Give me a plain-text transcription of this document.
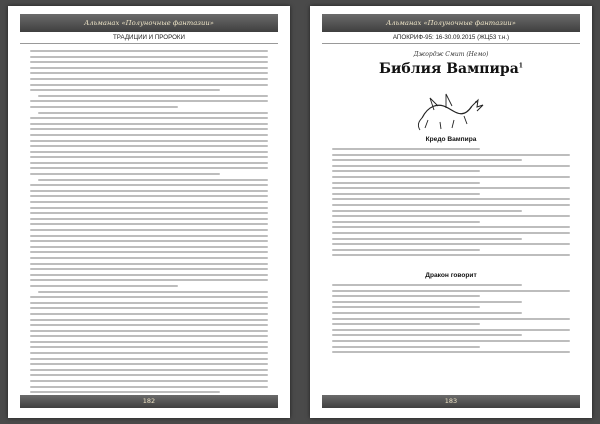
Альманах «Полуночные фантазии»
ТРАДИЦИИ И ПРОРОКИ
182
Альманах «Полуночные фантазии»
АПОКРИФ-95: 16-30.09.2015 (ЖЦ53 т.н.)
Джордж Смит (Немо)
Библия Вампира$^1$
Кредо Вампира
Дракон говорит
183
